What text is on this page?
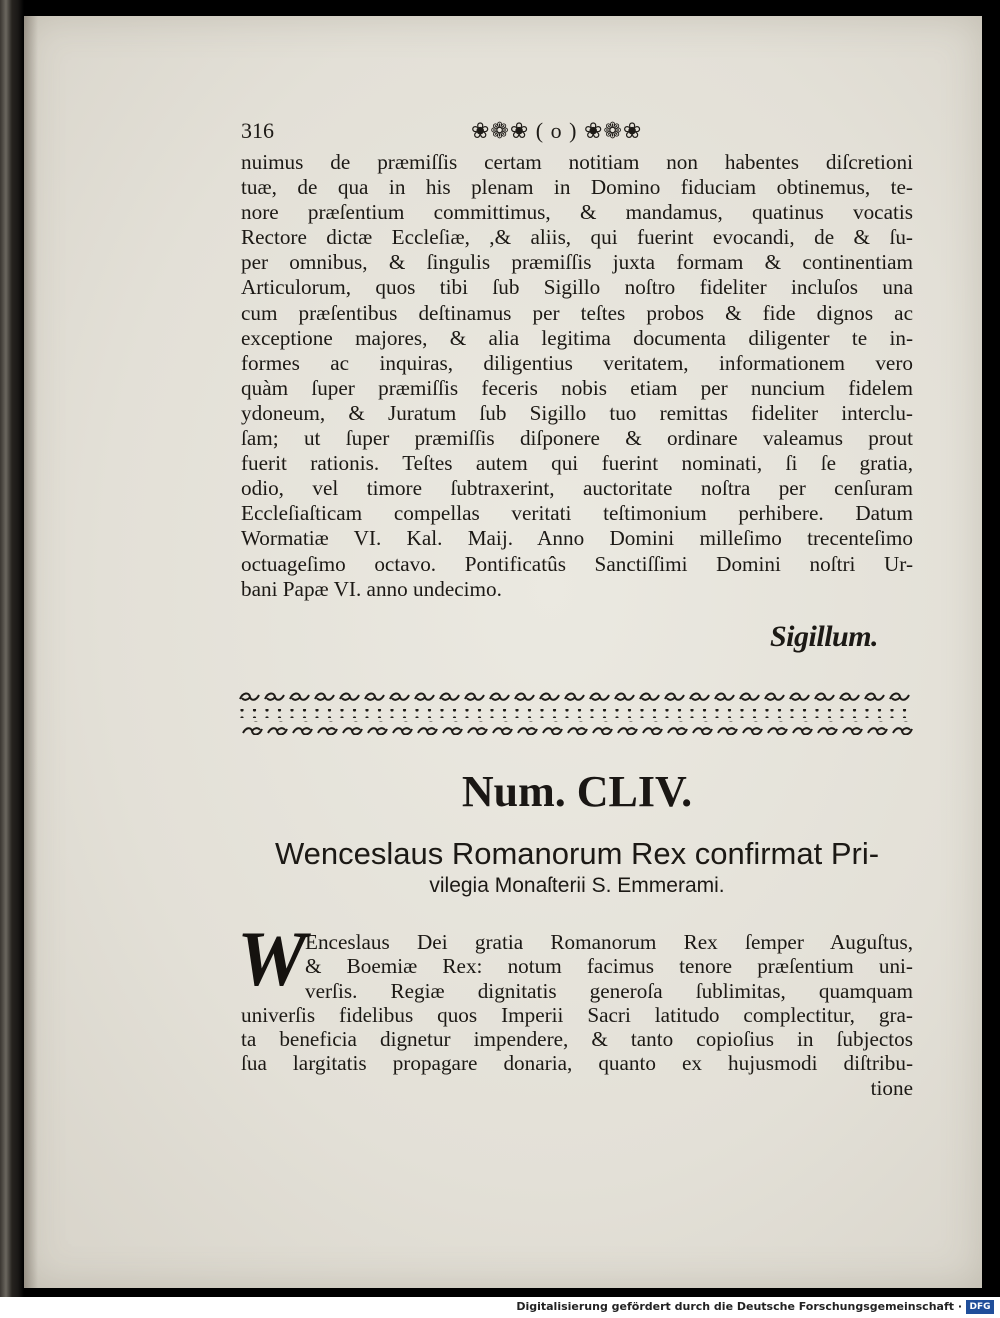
316	❀❁❀ ( o ) ❀❁❀
nuimus de præmiſſis certam notitiam non habentes diſcretioni
tuæ, de qua in his plenam in Domino fiduciam obtinemus, te-
nore præſentium committimus, & mandamus, quatinus vocatis
Rectore dictæ Eccleſiæ, ,& aliis, qui fuerint evocandi, de & ſu-
per omnibus, & ſingulis præmiſſis juxta formam & continentiam
Articulorum, quos tibi ſub Sigillo noſtro fideliter incluſos una
cum præſentibus deſtinamus per teſtes probos & fide dignos ac
exceptione majores, & alia legitima documenta diligenter te in-
formes ac inquiras, diligentius veritatem, informationem vero
quàm ſuper præmiſſis feceris nobis etiam per nuncium fidelem
ydoneum, & Juratum ſub Sigillo tuo remittas fideliter interclu-
ſam; ut ſuper præmiſſis diſponere & ordinare valeamus prout
fuerit rationis. Teſtes autem qui fuerint nominati, ſi ſe gratia,
odio, vel timore ſubtraxerint, auctoritate noſtra per cenſuram
Eccleſiaſticam compellas veritati teſtimonium perhibere. Datum
Wormatiæ VI. Kal. Maij. Anno Domini milleſimo trecenteſimo
octuageſimo octavo. Pontificatûs Sanctiſſimi Domini noſtri Ur-
bani Papæ VI. anno undecimo.
Sigillum.
Num. CLIV.
Wenceslaus Romanorum Rex confirmat Pri-
vilegia Monaſterii S. Emmerami.
W
Enceslaus Dei gratia Romanorum Rex ſemper Auguſtus,
& Boemiæ Rex: notum facimus tenore præſentium uni-
verſis. Regiæ dignitatis generoſa ſublimitas, quamquam
univerſis fidelibus quos Imperii Sacri latitudo complectitur, gra-
ta beneficia dignetur impendere, & tanto copioſius in ſubjectos
ſua largitatis propagare donaria, quanto ex hujusmodi diſtribu-
tione
Digitalisierung gefördert durch die Deutsche Forschungsgemeinschaft · DFG
